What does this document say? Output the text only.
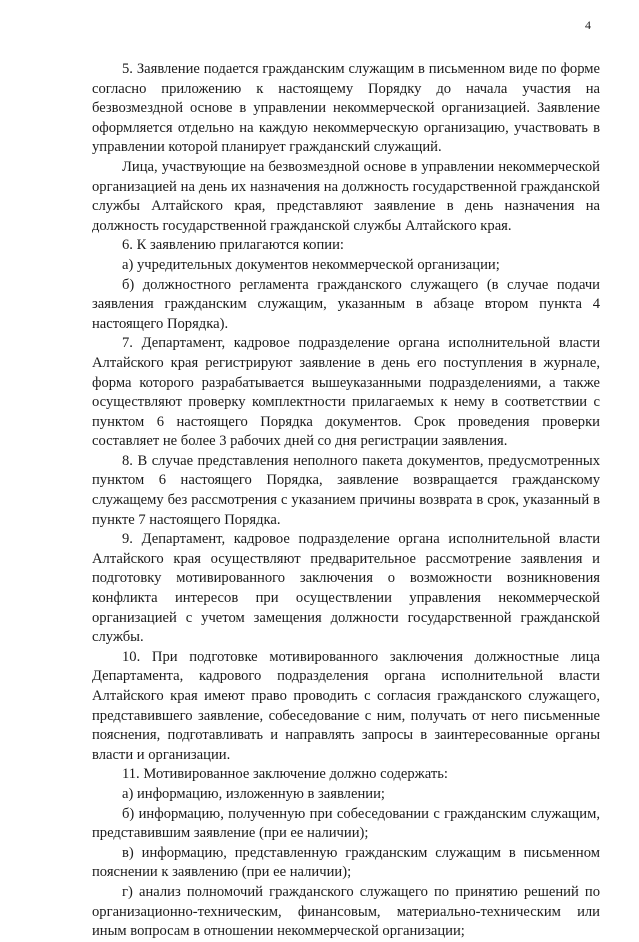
4

5. Заявление подается гражданским служащим в письменном виде по форме согласно приложению к настоящему Порядку до начала участия на безвозмездной основе в управлении некоммерческой организацией. Заявление оформляется отдельно на каждую некоммерческую организацию, участвовать в управлении которой планирует гражданский служащий.

Лица, участвующие на безвозмездной основе в управлении некоммерческой организацией на день их назначения на должность государственной гражданской службы Алтайского края, представляют заявление в день назначения на должность государственной гражданской службы Алтайского края.

6. К заявлению прилагаются копии:

а) учредительных документов некоммерческой организации;

б) должностного регламента гражданского служащего (в случае подачи заявления гражданским служащим, указанным в абзаце втором пункта 4 настоящего Порядка).

7. Департамент, кадровое подразделение органа исполнительной власти Алтайского края регистрируют заявление в день его поступления в журнале, форма которого разрабатывается вышеуказанными подразделениями, а также осуществляют проверку комплектности прилагаемых к нему в соответствии с пунктом 6 настоящего Порядка документов. Срок проведения проверки составляет не более 3 рабочих дней со дня регистрации заявления.

8. В случае представления неполного пакета документов, предусмотренных пунктом 6 настоящего Порядка, заявление возвращается гражданскому служащему без рассмотрения с указанием причины возврата в срок, указанный в пункте 7 настоящего Порядка.

9. Департамент, кадровое подразделение органа исполнительной власти Алтайского края осуществляют предварительное рассмотрение заявления и подготовку мотивированного заключения о возможности возникновения конфликта интересов при осуществлении управления некоммерческой организацией с учетом замещения должности государственной гражданской службы.

10. При подготовке мотивированного заключения должностные лица Департамента, кадрового подразделения органа исполнительной власти Алтайского края имеют право проводить с согласия гражданского служащего, представившего заявление, собеседование с ним, получать от него письменные пояснения, подготавливать и направлять запросы в заинтересованные органы власти и организации.

11. Мотивированное заключение должно содержать:

а) информацию, изложенную в заявлении;

б) информацию, полученную при собеседовании с гражданским служащим, представившим заявление (при ее наличии);

в) информацию, представленную гражданским служащим в письменном пояснении к заявлению (при ее наличии);

г) анализ полномочий гражданского служащего по принятию решений по организационно-техническим, финансовым, материально-техническим или иным вопросам в отношении некоммерческой организации;
